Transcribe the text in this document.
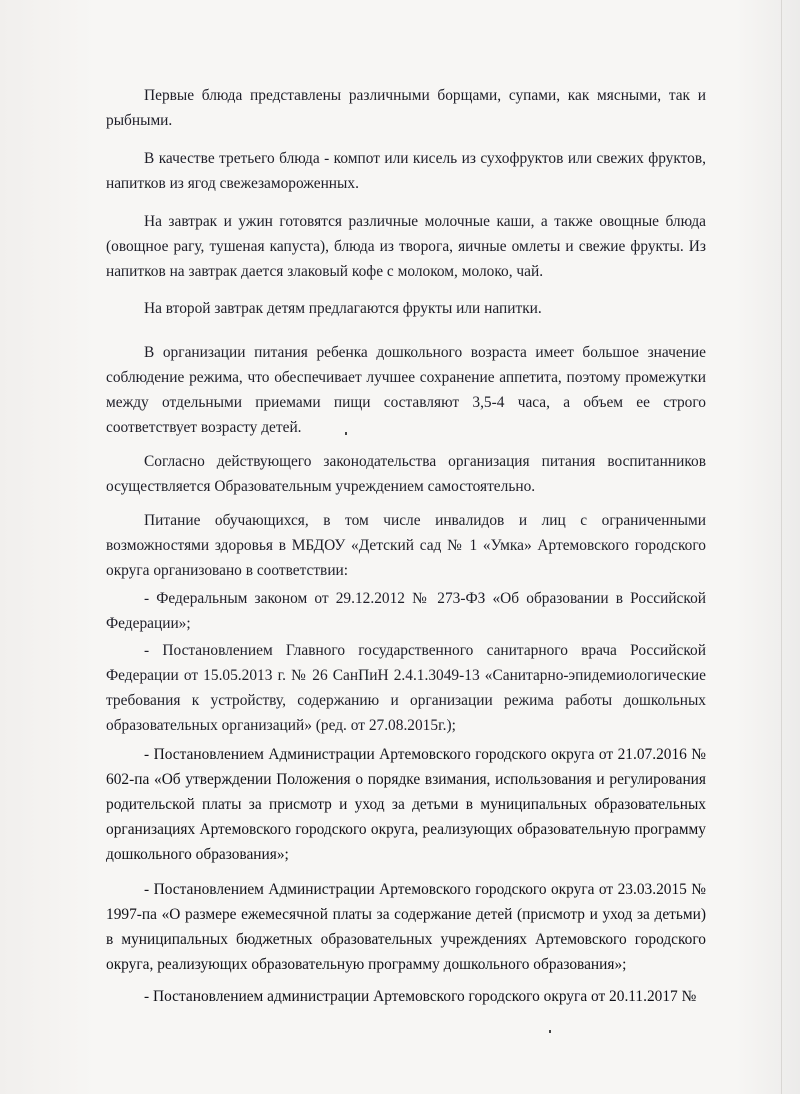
Первые блюда представлены различными борщами, супами, как мясными, так и рыбными.

В качестве третьего блюда - компот или кисель из сухофруктов или свежих фруктов, напитков из ягод свежезамороженных.

На завтрак и ужин готовятся различные молочные каши, а также овощные блюда (овощное рагу, тушеная капуста), блюда из творога, яичные омлеты и свежие фрукты. Из напитков на завтрак дается злаковый кофе с молоком, молоко, чай.

На второй завтрак детям предлагаются фрукты или напитки.

В организации питания ребенка дошкольного возраста имеет большое значение соблюдение режима, что обеспечивает лучшее сохранение аппетита, поэтому промежутки между отдельными приемами пищи составляют 3,5-4 часа, а объем ее строго соответствует возрасту детей.

Согласно действующего законодательства организация питания воспитанников осуществляется Образовательным учреждением самостоятельно.

Питание обучающихся, в том числе инвалидов и лиц с ограниченными возможностями здоровья в МБДОУ «Детский сад № 1 «Умка» Артемовского городского округа организовано в соответствии:

- Федеральным законом от 29.12.2012 № 273-ФЗ «Об образовании в Российской Федерации»;

- Постановлением Главного государственного санитарного врача Российской Федерации от 15.05.2013 г. № 26 СанПиН 2.4.1.3049-13 «Санитарно-эпидемиологические требования к устройству, содержанию и организации режима работы дошкольных образовательных организаций» (ред. от 27.08.2015г.);

- Постановлением Администрации Артемовского городского округа от 21.07.2016 № 602-па «Об утверждении Положения о порядке взимания, использования и регулирования родительской платы за присмотр и уход за детьми в муниципальных образовательных организациях Артемовского городского округа, реализующих образовательную программу дошкольного образования»;

- Постановлением Администрации Артемовского городского округа от 23.03.2015 № 1997-па «О размере ежемесячной платы за содержание детей (присмотр и уход за детьми) в муниципальных бюджетных образовательных учреждениях Артемовского городского округа, реализующих образовательную программу дошкольного образования»;

- Постановлением администрации Артемовского городского округа от 20.11.2017 №
